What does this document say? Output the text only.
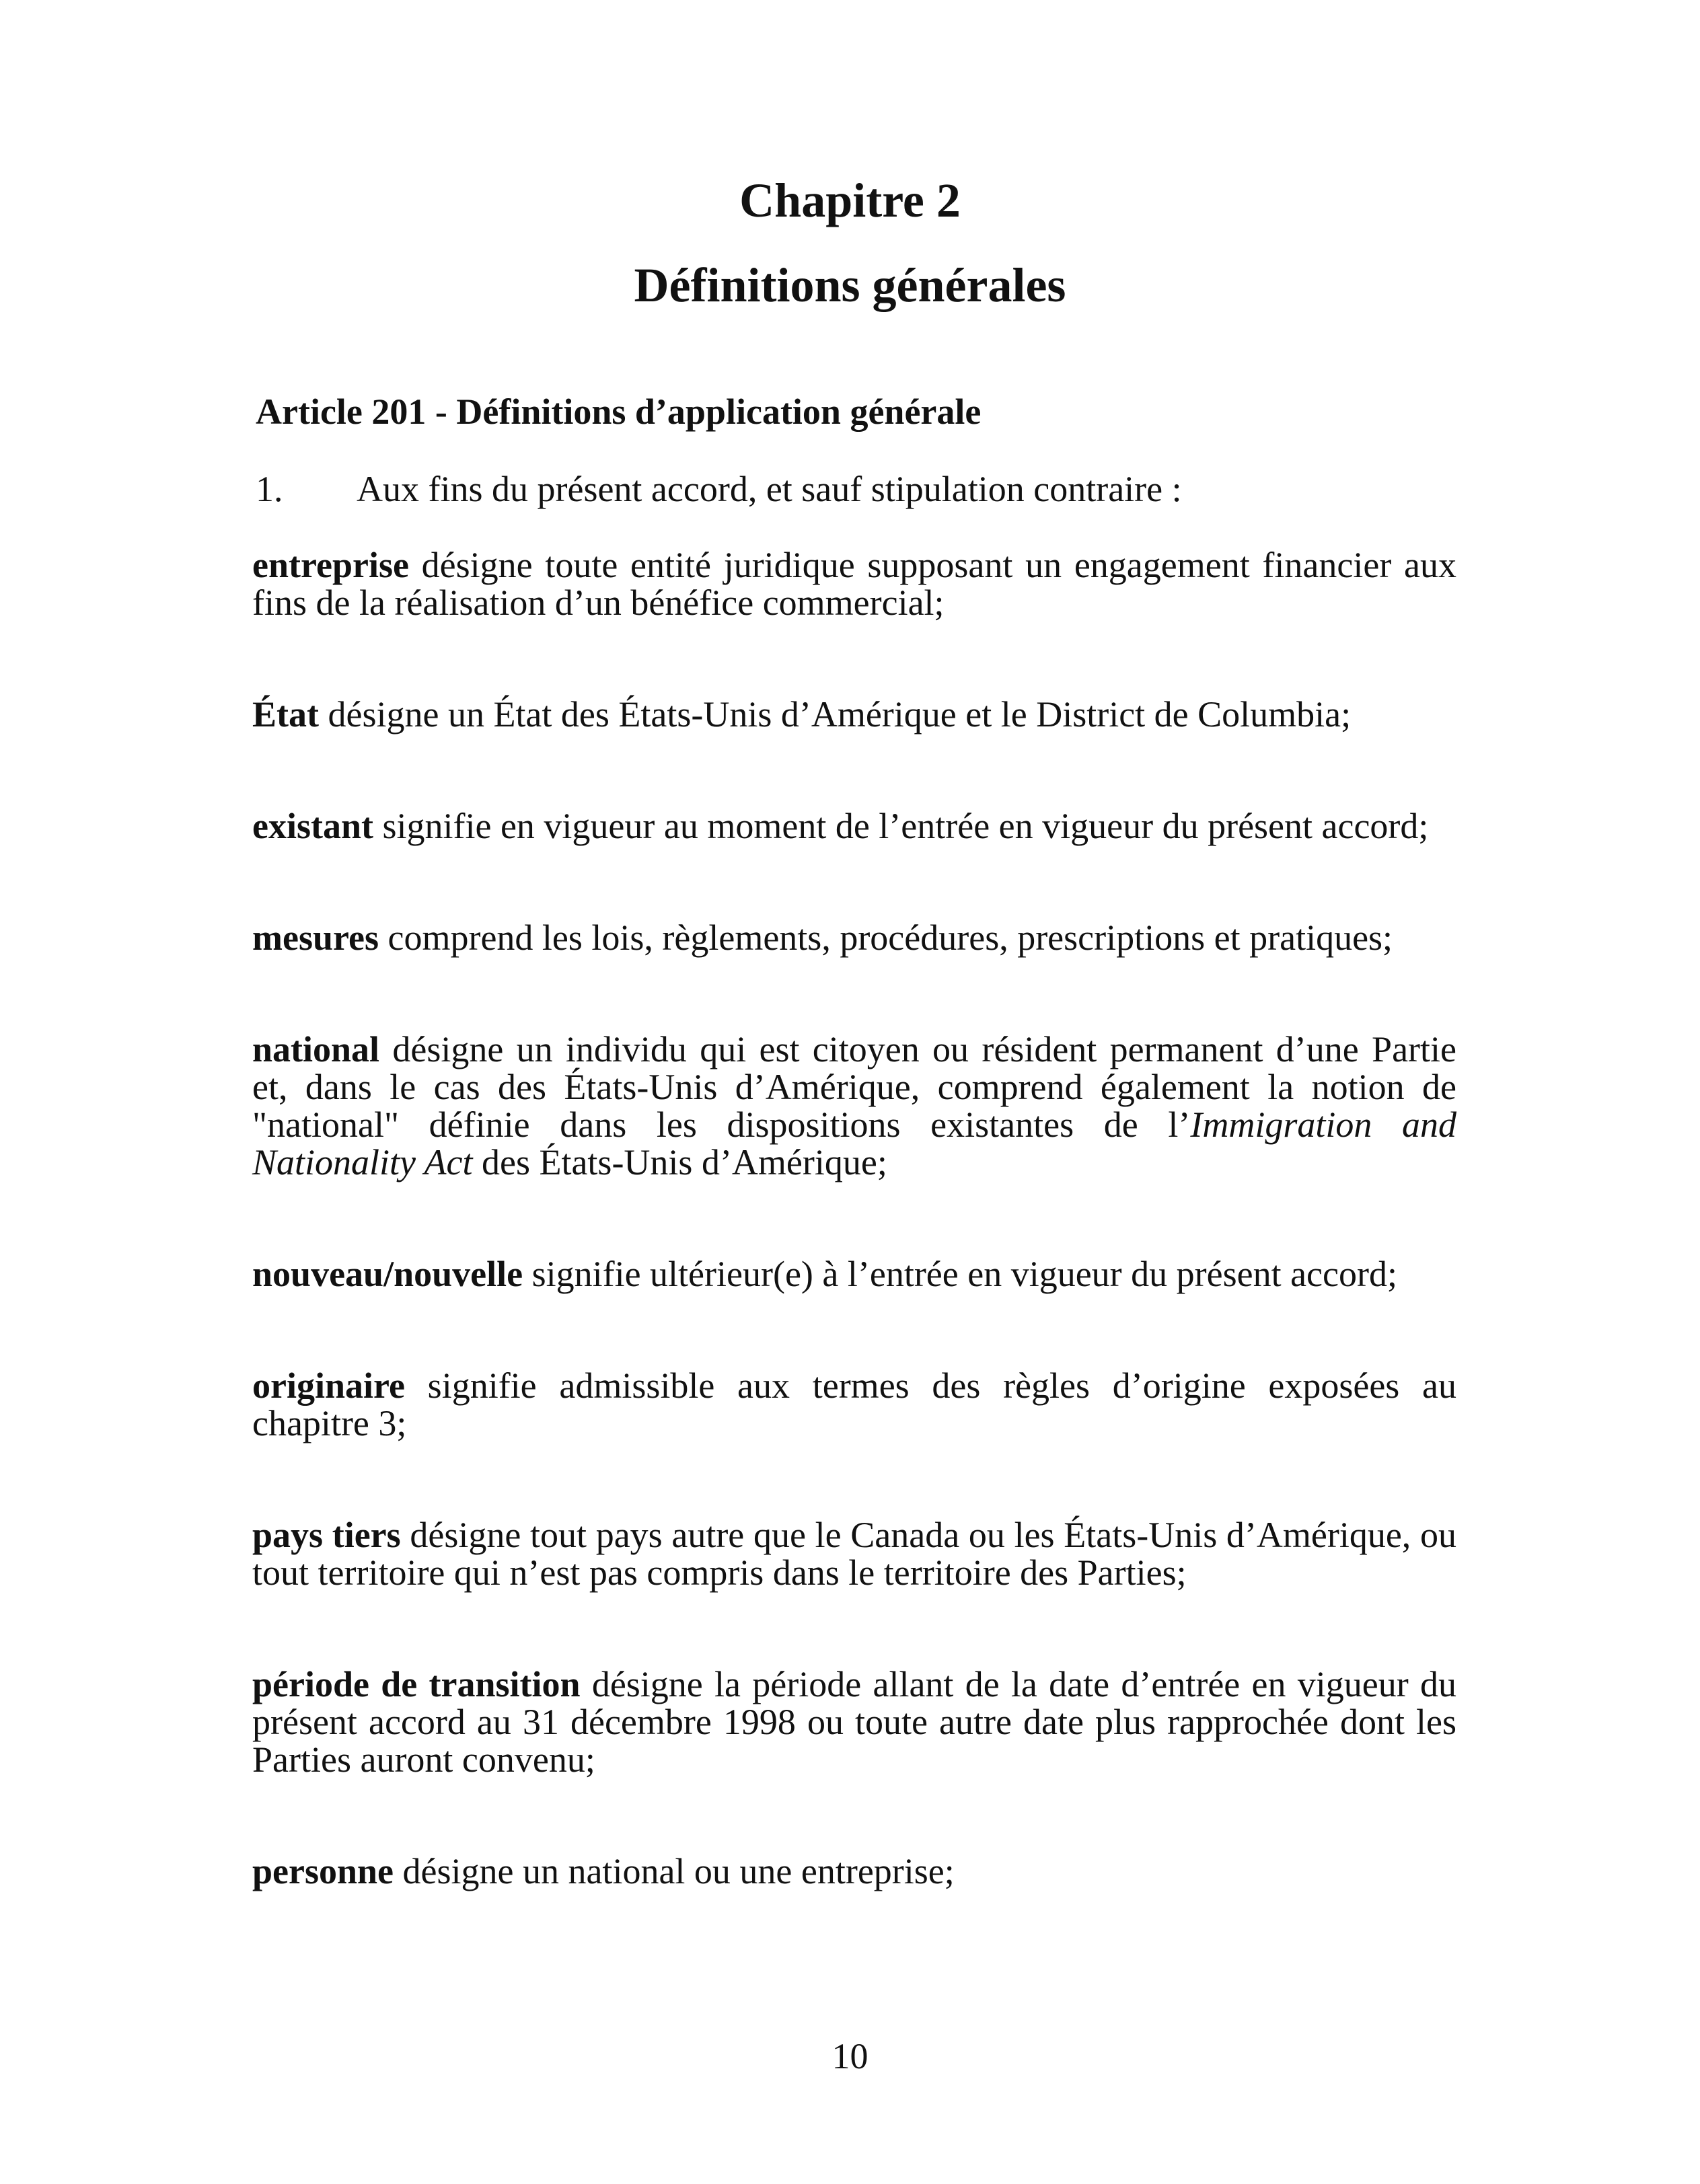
Chapitre 2
Définitions générales
Article 201 - Définitions d’application générale
1. Aux fins du présent accord, et sauf stipulation contraire :

entreprise désigne toute entité juridique supposant un engagement financier aux fins de la réalisation d’un bénéfice commercial;

État désigne un État des États-Unis d’Amérique et le District de Columbia;

existant signifie en vigueur au moment de l’entrée en vigueur du présent accord;

mesures comprend les lois, règlements, procédures, prescriptions et pratiques;

national désigne un individu qui est citoyen ou résident permanent d’une Partie et, dans le cas des États-Unis d’Amérique, comprend également la notion de "national" définie dans les dispositions existantes de l’Immigration and Nationality Act des États-Unis d’Amérique;

nouveau/nouvelle signifie ultérieur(e) à l’entrée en vigueur du présent accord;

originaire signifie admissible aux termes des règles d’origine exposées au chapitre 3;

pays tiers désigne tout pays autre que le Canada ou les États-Unis d’Amérique, ou tout territoire qui n’est pas compris dans le territoire des Parties;

période de transition désigne la période allant de la date d’entrée en vigueur du présent accord au 31 décembre 1998 ou toute autre date plus rapprochée dont les Parties auront convenu;

personne désigne un national ou une entreprise;

10
